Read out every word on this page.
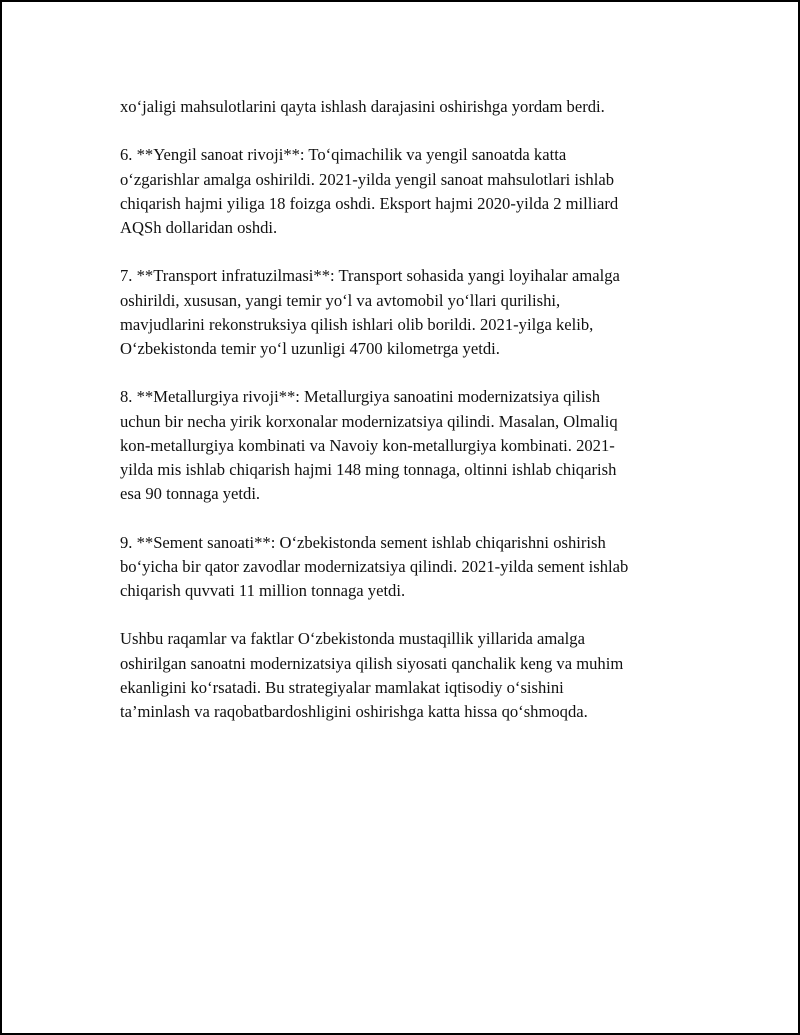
xo‘jaligi mahsulotlarini qayta ishlash darajasini oshirishga yordam berdi.

6. **Yengil sanoat rivoji**: To‘qimachilik va yengil sanoatda katta
o‘zgarishlar amalga oshirildi. 2021-yilda yengil sanoat mahsulotlari ishlab
chiqarish hajmi yiliga 18 foizga oshdi. Eksport hajmi 2020-yilda 2 milliard
AQSh dollaridan oshdi.

7. **Transport infratuzilmasi**: Transport sohasida yangi loyihalar amalga
oshirildi, xususan, yangi temir yo‘l va avtomobil yo‘llari qurilishi,
mavjudlarini rekonstruksiya qilish ishlari olib borildi. 2021-yilga kelib,
O‘zbekistonda temir yo‘l uzunligi 4700 kilometrga yetdi.

8. **Metallurgiya rivoji**: Metallurgiya sanoatini modernizatsiya qilish
uchun bir necha yirik korxonalar modernizatsiya qilindi. Masalan, Olmaliq
kon-metallurgiya kombinati va Navoiy kon-metallurgiya kombinati. 2021-
yilda mis ishlab chiqarish hajmi 148 ming tonnaga, oltinni ishlab chiqarish
esa 90 tonnaga yetdi.

9. **Sement sanoati**: O‘zbekistonda sement ishlab chiqarishni oshirish
bo‘yicha bir qator zavodlar modernizatsiya qilindi. 2021-yilda sement ishlab
chiqarish quvvati 11 million tonnaga yetdi.

Ushbu raqamlar va faktlar O‘zbekistonda mustaqillik yillarida amalga
oshirilgan sanoatni modernizatsiya qilish siyosati qanchalik keng va muhim
ekanligini ko‘rsatadi. Bu strategiyalar mamlakat iqtisodiy o‘sishini
ta’minlash va raqobatbardoshligini oshirishga katta hissa qo‘shmoqda.
